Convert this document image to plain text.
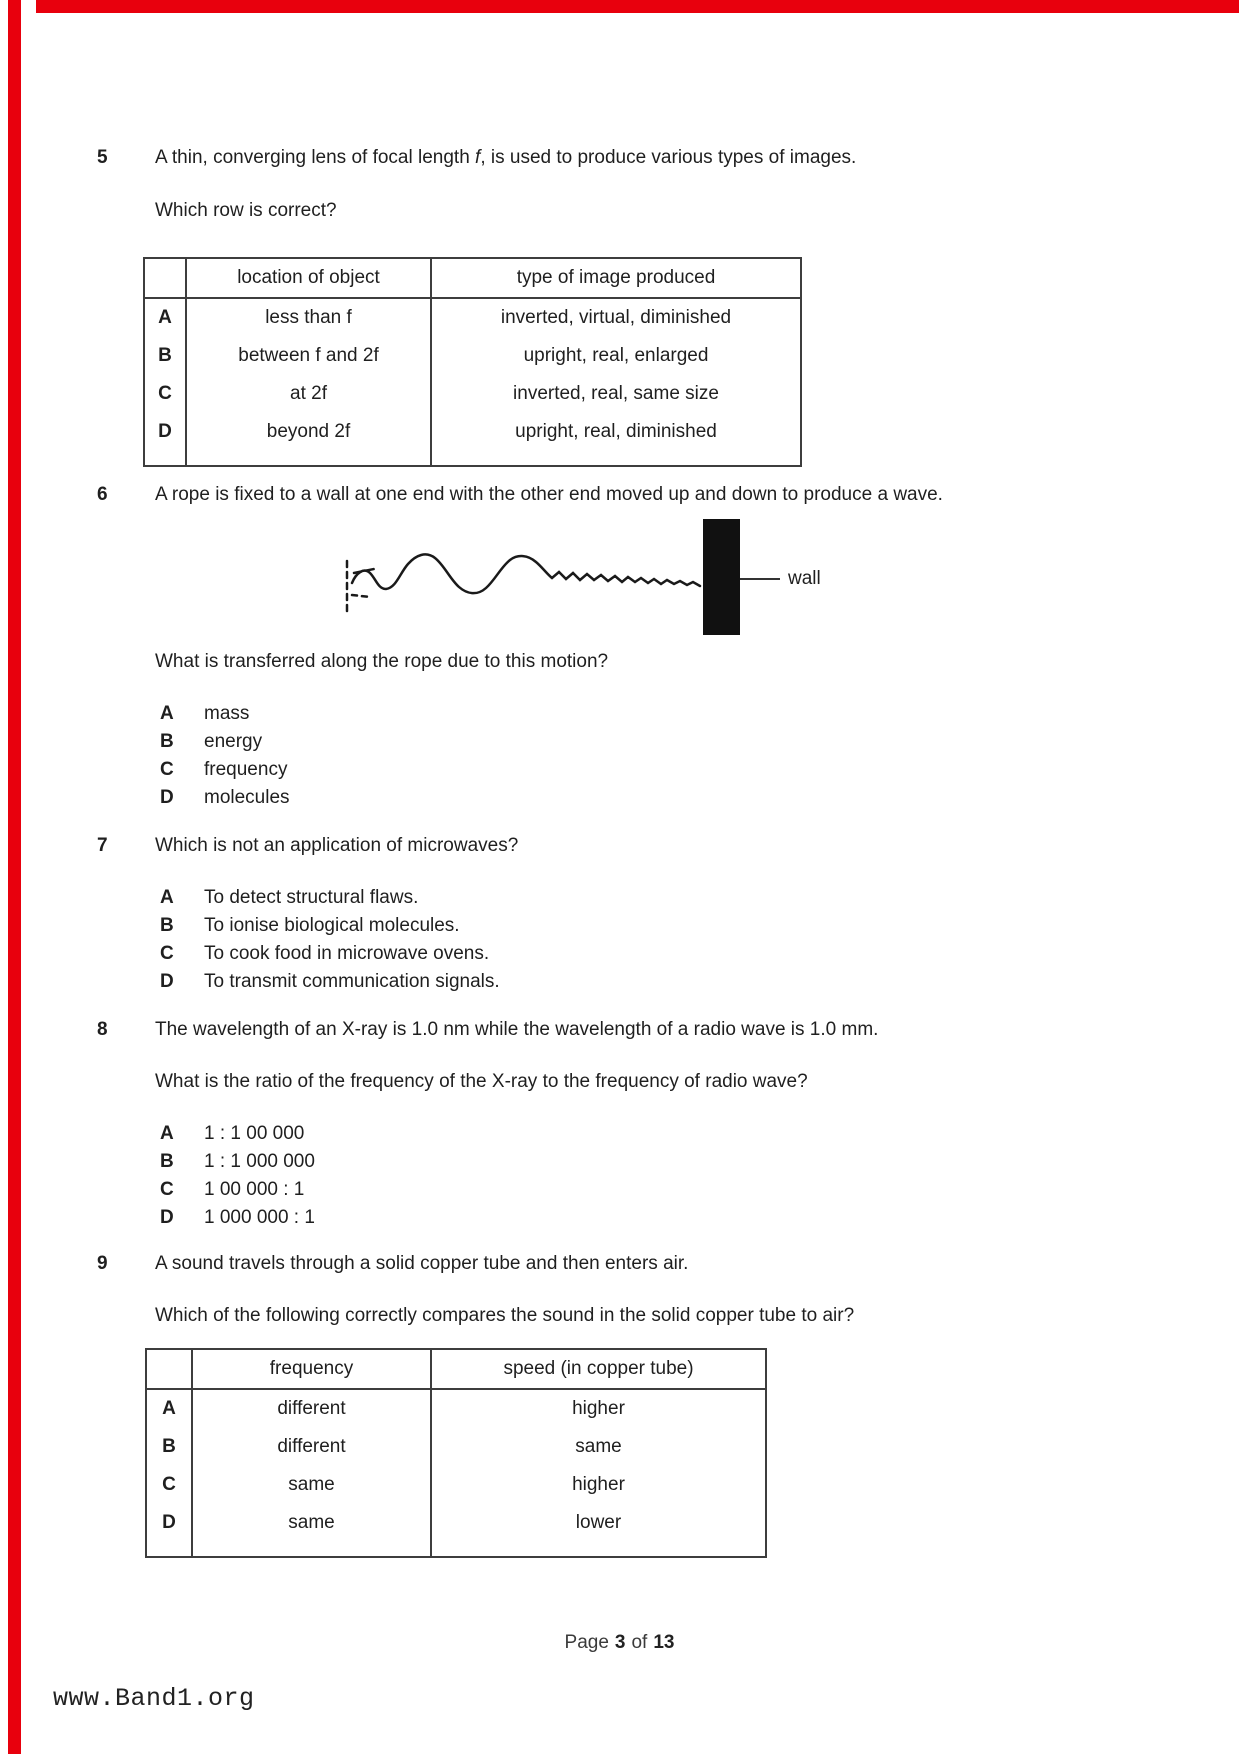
5 A thin, converging lens of focal length f, is used to produce various types of images.
Which row is correct?
	location of object	type of image produced
A	less than f	inverted, virtual, diminished
B	between f and 2f	upright, real, enlarged
C	at 2f	inverted, real, same size
D	beyond 2f	upright, real, diminished

6 A rope is fixed to a wall at one end with the other end moved up and down to produce a wave.
wall
What is transferred along the rope due to this motion?
A	mass
B	energy
C	frequency
D	molecules
7 Which is not an application of microwaves?
A	To detect structural flaws.
B	To ionise biological molecules.
C	To cook food in microwave ovens.
D	To transmit communication signals.
8 The wavelength of an X-ray is 1.0 nm while the wavelength of a radio wave is 1.0 mm.
What is the ratio of the frequency of the X-ray to the frequency of radio wave?
A	1 : 1 00 000
B	1 : 1 000 000
C	1 00 000 : 1
D	1 000 000 : 1
9 A sound travels through a solid copper tube and then enters air.
Which of the following correctly compares the sound in the solid copper tube to air?
	frequency	speed (in copper tube)
A	different	higher
B	different	same
C	same	higher
D	same	lower

Page 3 of 13
www.Band1.org
